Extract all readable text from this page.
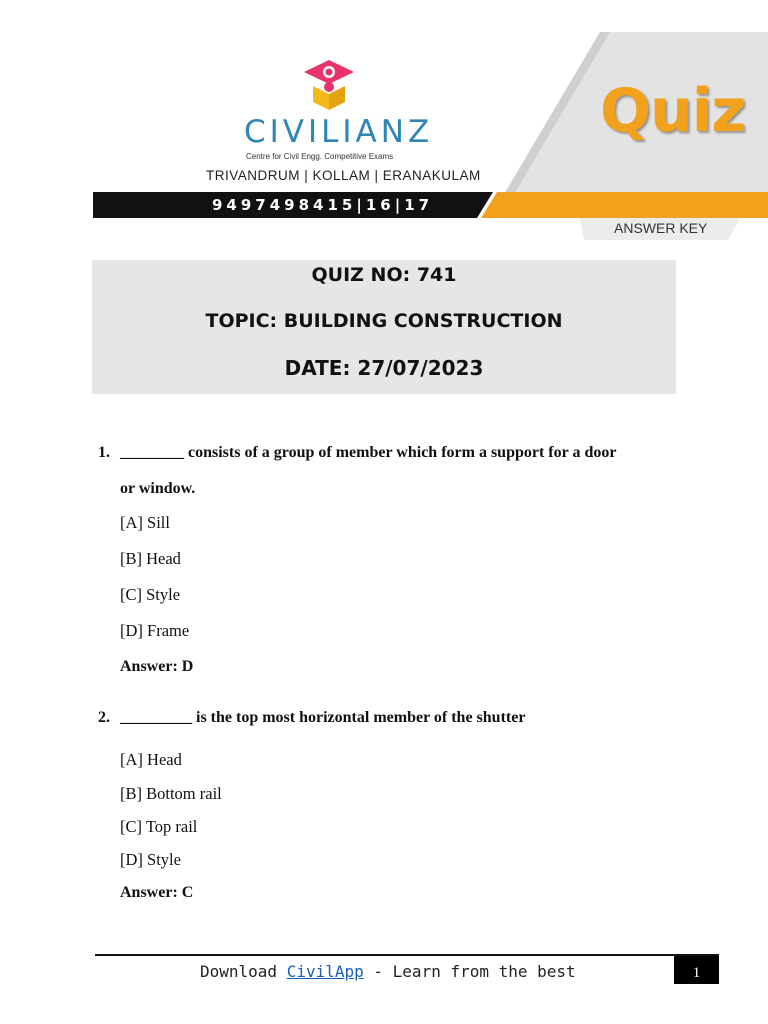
CIVILIANZ
Centre for Civil Engg. Competitive Exams
TRIVANDRUM | KOLLAM | ERANAKULAM
Quiz
9497498415|16|17
ANSWER KEY
QUIZ NO: 741
TOPIC: BUILDING CONSTRUCTION
DATE: 27/07/2023
1. ________ consists of a group of member which form a support for a door
or window.
[A] Sill
[B] Head
[C] Style
[D] Frame
Answer: D
2. _________ is the top most horizontal member of the shutter
[A] Head
[B] Bottom rail
[C] Top rail
[D] Style
Answer: C
Download CivilApp - Learn from the best	1
